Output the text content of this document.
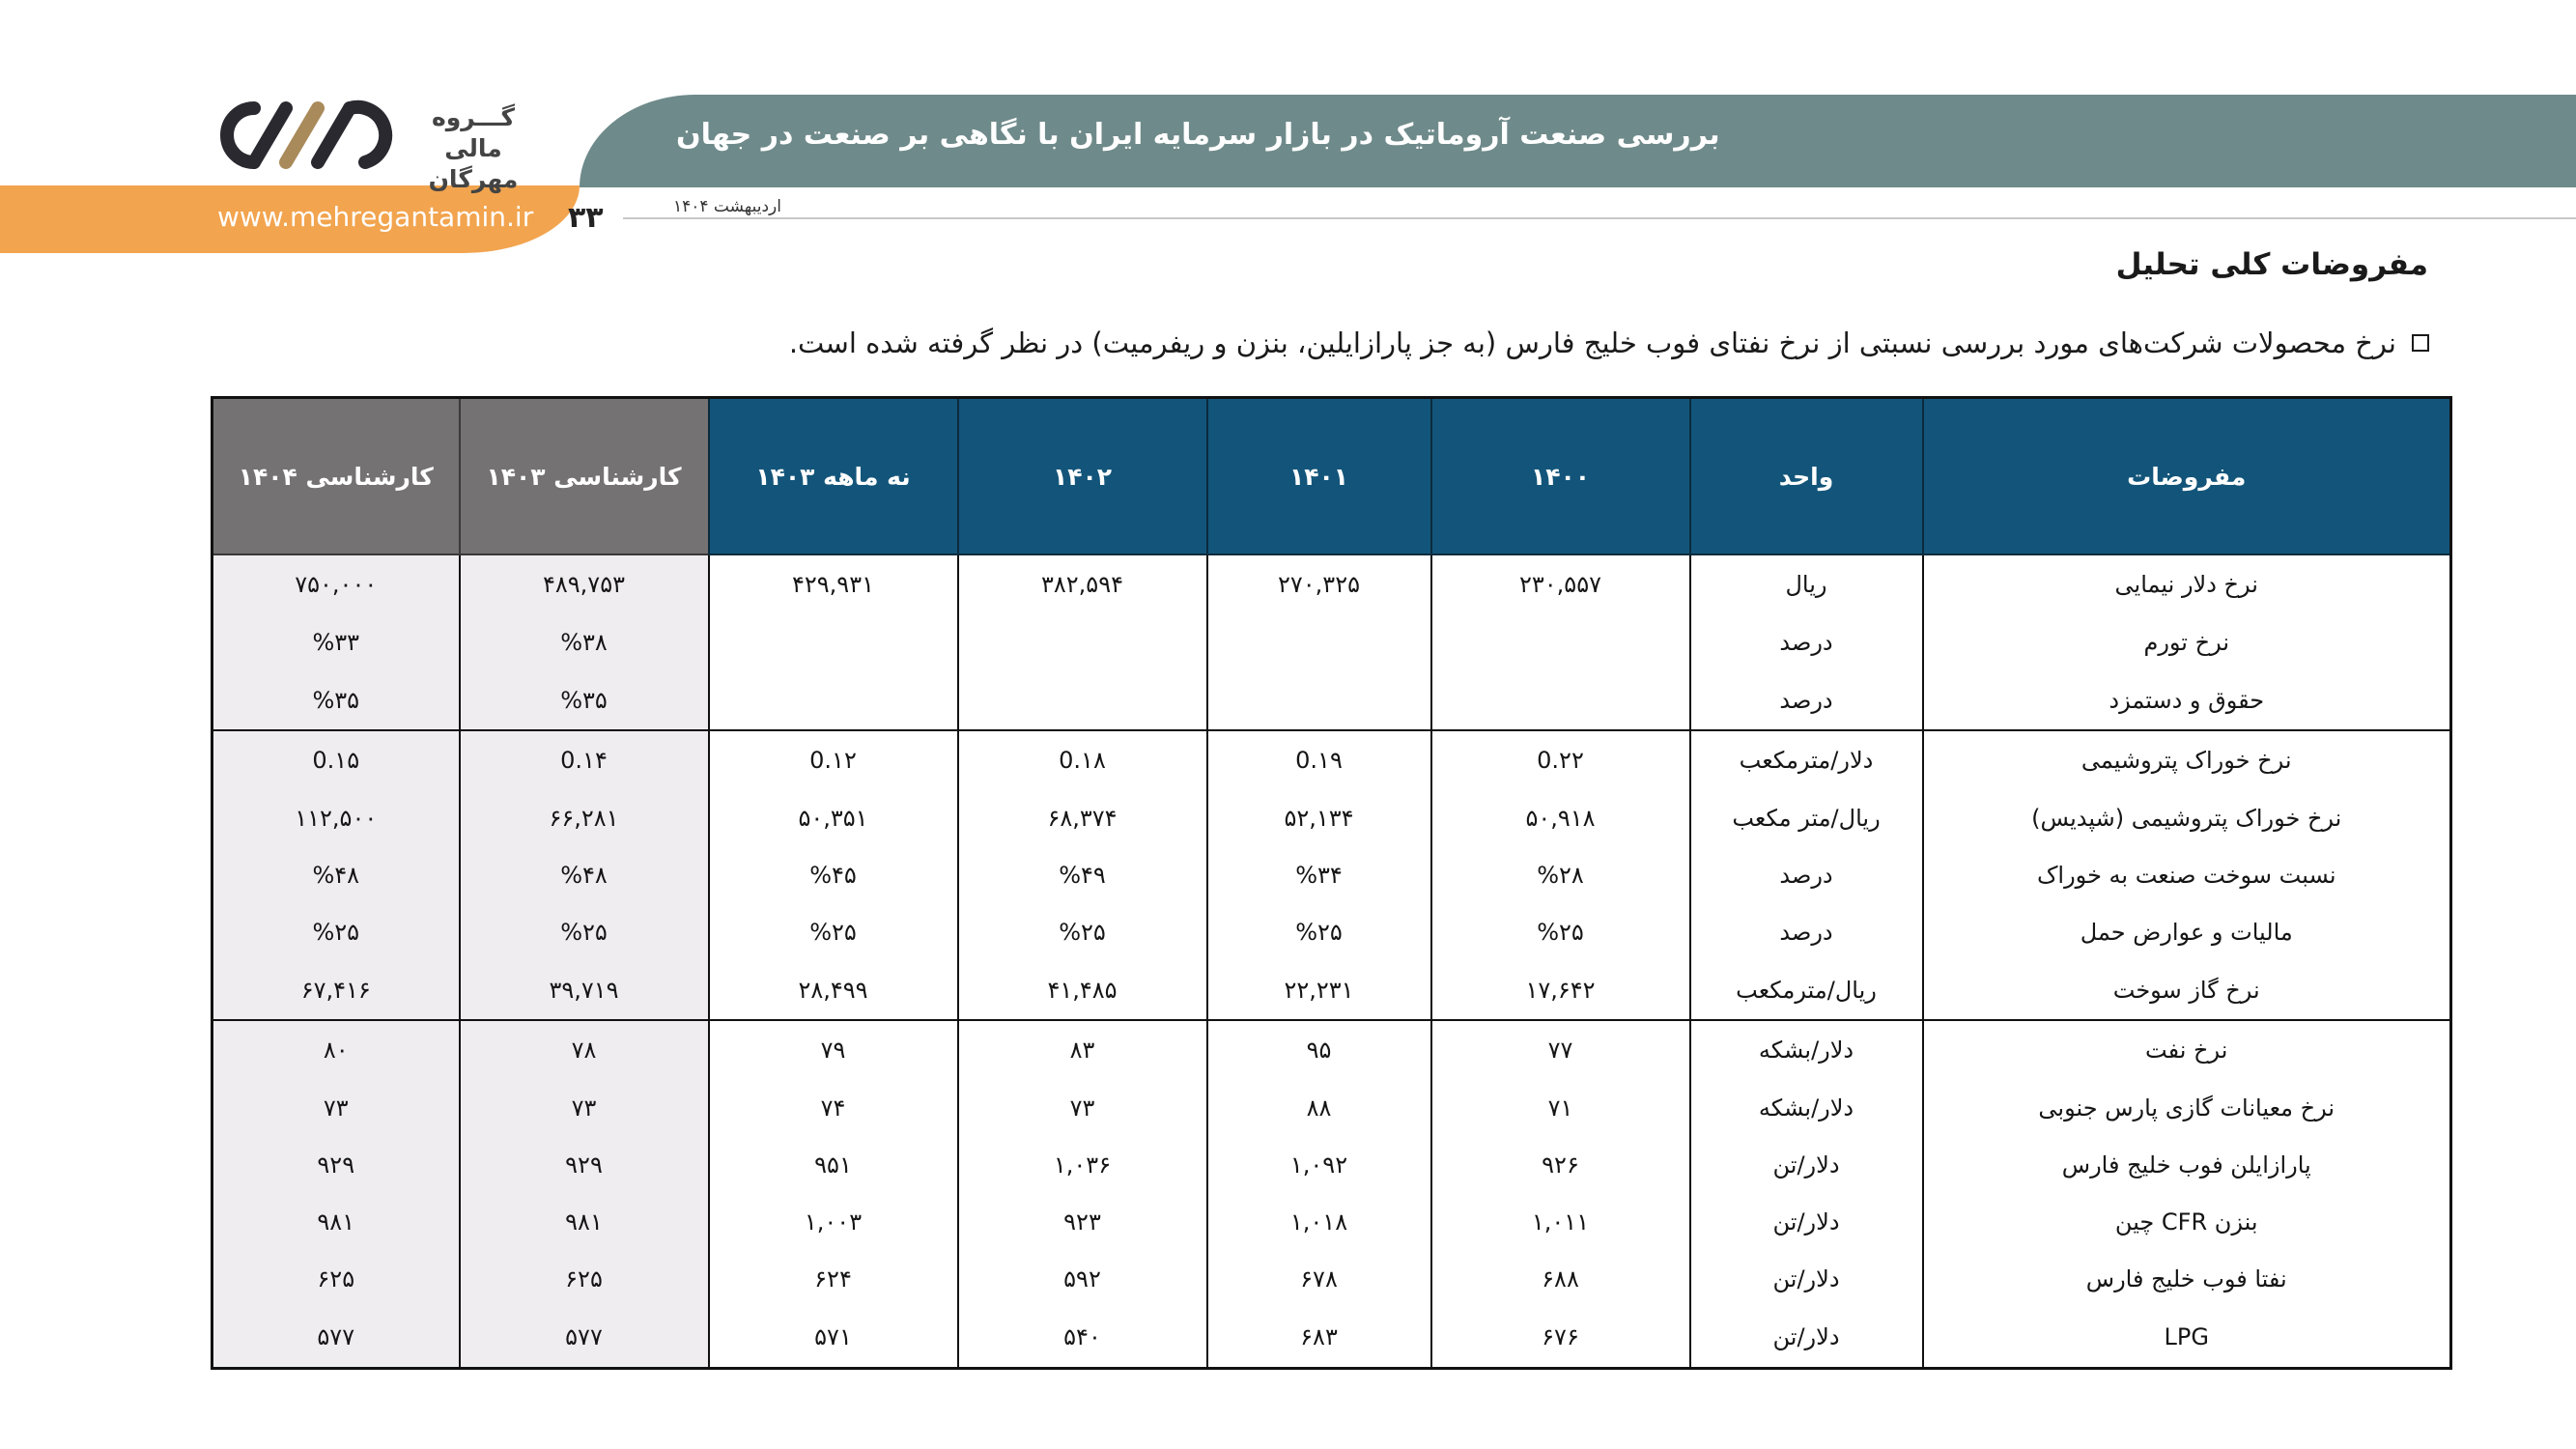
بررسی صنعت آروماتیک در بازار سرمایه ایران با نگاهی بر صنعت در جهان
www.mehregantamin.ir ۳۳	اردیبهشت ۱۴۰۴
گـــروه مالی
مهرگان
مفروضات کلی تحلیل
نرخ محصولات شرکت‌های مورد بررسی نسبتی از نرخ نفتای فوب خلیج فارس (به جز پارازایلین، بنزن و ریفرمیت) در نظر گرفته شده است.
مفروضات	واحد	۱۴۰۰	۱۴۰۱	۱۴۰۲	نه ماهه ۱۴۰۳	کارشناسی ۱۴۰۳	کارشناسی ۱۴۰۴
نرخ دلار نیمایی	ریال	۲۳۰,۵۵۷	۲۷۰,۳۲۵	۳۸۲,۵۹۴	۴۲۹,۹۳۱	۴۸۹,۷۵۳	۷۵۰,۰۰۰
نرخ تورم	درصد					%۳۸	%۳۳
حقوق و دستمزد	درصد					%۳۵	%۳۵
نرخ خوراک پتروشیمی	دلار/مترمکعب	0.۲۲	0.۱۹	0.۱۸	0.۱۲	0.۱۴	0.۱۵
نرخ خوراک پتروشیمی (شپدیس)	ریال/متر مکعب	۵۰,۹۱۸	۵۲,۱۳۴	۶۸,۳۷۴	۵۰,۳۵۱	۶۶,۲۸۱	۱۱۲,۵۰۰
نسبت سوخت صنعت به خوراک	درصد	%۲۸	%۳۴	%۴۹	%۴۵	%۴۸	%۴۸
مالیات و عوارض حمل	درصد	%۲۵	%۲۵	%۲۵	%۲۵	%۲۵	%۲۵
نرخ گاز سوخت	ریال/مترمکعب	۱۷,۶۴۲	۲۲,۲۳۱	۴۱,۴۸۵	۲۸,۴۹۹	۳۹,۷۱۹	۶۷,۴۱۶
نرخ نفت	دلار/بشکه	۷۷	۹۵	۸۳	۷۹	۷۸	۸۰
نرخ معیانات گازی پارس جنوبی	دلار/بشکه	۷۱	۸۸	۷۳	۷۴	۷۳	۷۳
پارازایلن فوب خلیج فارس	دلار/تن	۹۲۶	۱,۰۹۲	۱,۰۳۶	۹۵۱	۹۲۹	۹۲۹
بنزن CFR چین	دلار/تن	۱,۰۱۱	۱,۰۱۸	۹۲۳	۱,۰۰۳	۹۸۱	۹۸۱
نفتا فوب خلیج فارس	دلار/تن	۶۸۸	۶۷۸	۵۹۲	۶۲۴	۶۲۵	۶۲۵
LPG	دلار/تن	۶۷۶	۶۸۳	۵۴۰	۵۷۱	۵۷۷	۵۷۷
